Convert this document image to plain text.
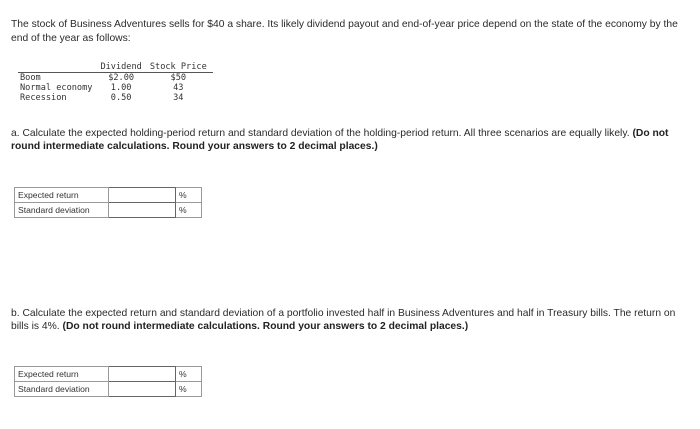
The stock of Business Adventures sells for $40 a share. Its likely dividend payout and end-of-year price depend on the state of the economy by the end of the year as follows:
	Dividend	Stock Price
Boom	$2.00	$50
Normal economy	1.00	43
Recession	0.50	34
a. Calculate the expected holding-period return and standard deviation of the holding-period return. All three scenarios are equally likely. (Do not round intermediate calculations. Round your answers to 2 decimal places.)
Expected return		%
Standard deviation		%
b. Calculate the expected return and standard deviation of a portfolio invested half in Business Adventures and half in Treasury bills. The return on bills is 4%. (Do not round intermediate calculations. Round your answers to 2 decimal places.)
Expected return		%
Standard deviation		%
